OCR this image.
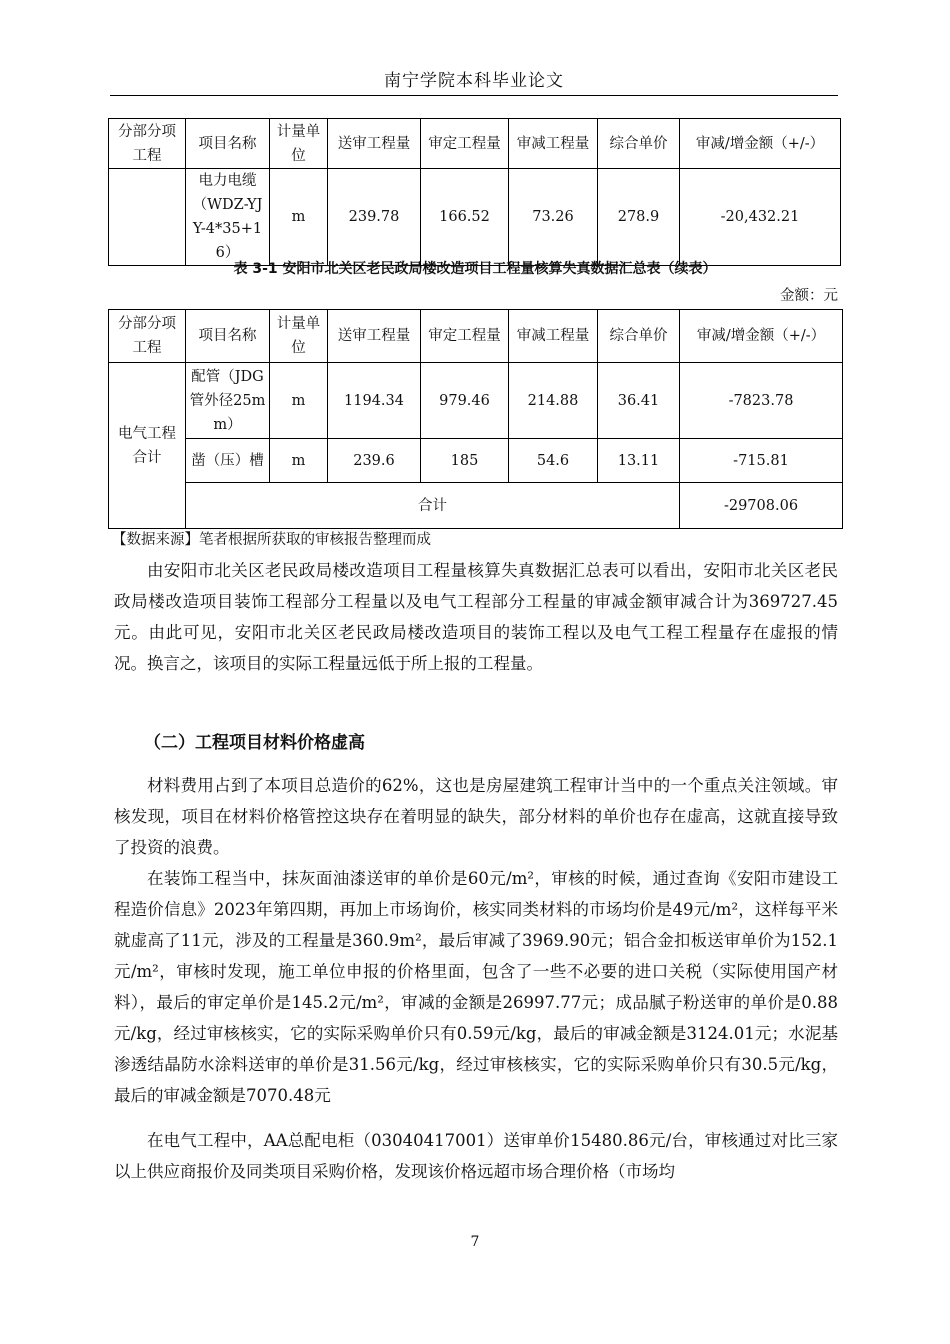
南宁学院本科毕业论文
分部分项工程	项目名称	计量单位	送审工程量	审定工程量	审减工程量	综合单价	审减/增金额（+/-）
	电力电缆（WDZ-YJY-4*35+16）	m	239.78	166.52	73.26	278.9	-20,432.21
表 3-1 安阳市北关区老民政局楼改造项目工程量核算失真数据汇总表（续表）
金额：元
分部分项工程	项目名称	计量单位	送审工程量	审定工程量	审减工程量	综合单价	审减/增金额（+/-）
电气工程合计	配管（JDG 管外径25mm）	m	1194.34	979.46	214.88	36.41	-7823.78
	凿（压）槽	m	239.6	185	54.6	13.11	-715.81
	合计						-29708.06
【数据来源】笔者根据所获取的审核报告整理而成

由安阳市北关区老民政局楼改造项目工程量核算失真数据汇总表可以看出，安阳市北关区老民政局楼改造项目装饰工程部分工程量以及电气工程部分工程量的审减金额审减合计为369727.45元。由此可见，安阳市北关区老民政局楼改造项目的装饰工程以及电气工程工程量存在虚报的情况。换言之，该项目的实际工程量远低于所上报的工程量。

（二）工程项目材料价格虚高

材料费用占到了本项目总造价的62%，这也是房屋建筑工程审计当中的一个重点关注领域。审核发现，项目在材料价格管控这块存在着明显的缺失，部分材料的单价也存在虚高，这就直接导致了投资的浪费。

在装饰工程当中，抹灰面油漆送审的单价是60元/m²，审核的时候，通过查询《安阳市建设工程造价信息》2023年第四期，再加上市场询价，核实同类材料的市场均价是49元/m²，这样每平米就虚高了11元，涉及的工程量是360.9m²，最后审减了3969.90元；铝合金扣板送审单价为152.1元/m²，审核时发现，施工单位申报的价格里面，包含了一些不必要的进口关税（实际使用国产材料），最后的审定单价是145.2元/m²，审减的金额是26997.77元；成品腻子粉送审的单价是0.88元/kg，经过审核核实，它的实际采购单价只有0.59元/kg，最后的审减金额是3124.01元；水泥基渗透结晶防水涂料送审的单价是31.56元/kg，经过审核核实，它的实际采购单价只有30.5元/kg，最后的审减金额是7070.48元

在电气工程中，AA总配电柜（03040417001）送审单价15480.86元/台，审核通过对比三家以上供应商报价及同类项目采购价格，发现该价格远超市场合理价格（市场均

7
